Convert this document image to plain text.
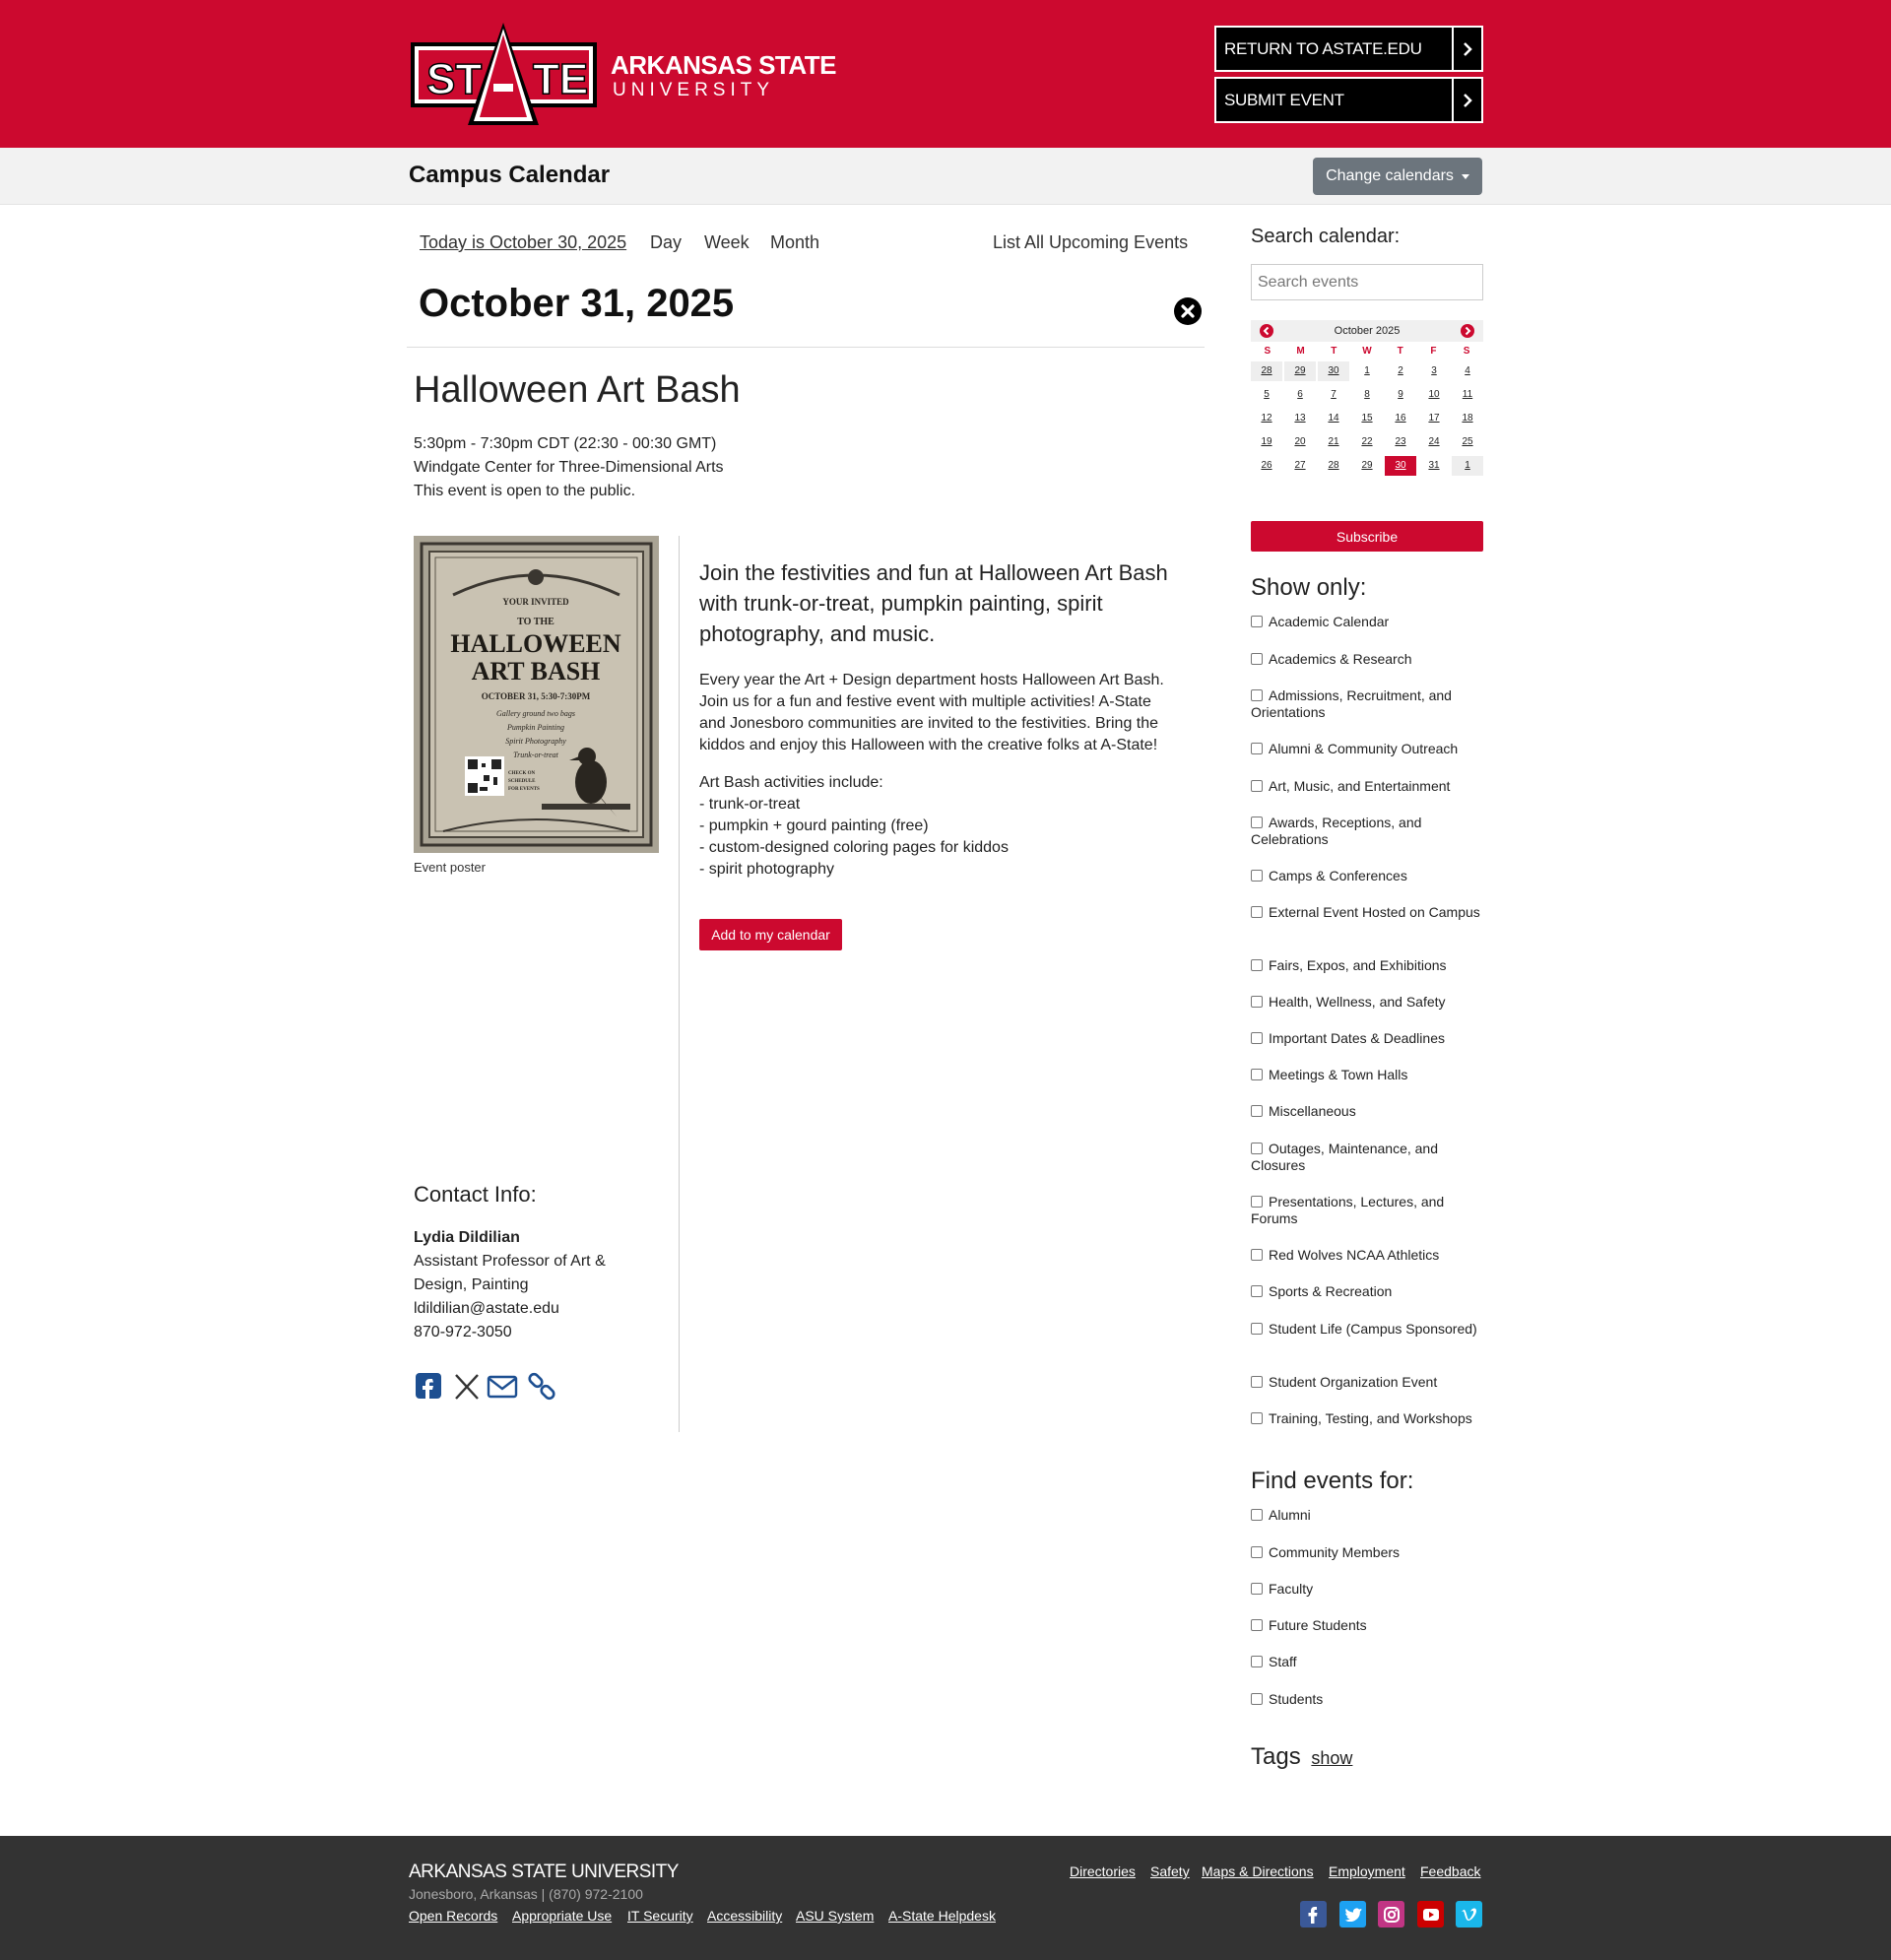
ST TE ARKANSAS STATE
UNIVERSITY
RETURN TO ASTATE.EDU
SUBMIT EVENT
Campus Calendar	Change calendars
Today is October 30, 2025 Day Week Month	List All Upcoming Events
October 31, 2025
Halloween Art Bash
5:30pm - 7:30pm CDT (22:30 - 00:30 GMT)
Windgate Center for Three-Dimensional Arts
This event is open to the public.
YOUR INVITED
TO THE
HALLOWEEN
ART BASH
OCTOBER 31, 5:30-7:30PM
Gallery ground two bags
Pumpkin Painting
Spirit Photography
Trunk-or-treat
CHECK ON
SCHEDULE
FOR EVENTS
Event poster
Join the festivities and fun at Halloween Art Bash with trunk-or-treat, pumpkin painting, spirit photography, and music.
Every year the Art + Design department hosts Halloween Art Bash. Join us for a fun and festive event with multiple activities! A-State and Jonesboro communities are invited to the festivities. Bring the kiddos and enjoy this Halloween with the creative folks at A-State!
Art Bash activities include:
- trunk-or-treat
- pumpkin + gourd painting (free)
- custom-designed coloring pages for kiddos
- spirit photography
Add to my calendar
Contact Info:
Lydia Dildilian
Assistant Professor of Art &
Design, Painting
ldildilian@astate.edu
870-972-3050
Search calendar:
Search events
October 2025
S	M	T	W	T	F	S
28	29	30	1	2	3	4
5	6	7	8	9	10	11
12	13	14	15	16	17	18
19	20	21	22	23	24	25
26	27	28	29	30	31	1
Subscribe
Show only:
Academic Calendar
Academics & Research
Admissions, Recruitment, and Orientations
Alumni & Community Outreach
Art, Music, and Entertainment
Awards, Receptions, and Celebrations
Camps & Conferences
External Event Hosted on Campus
Fairs, Expos, and Exhibitions
Health, Wellness, and Safety
Important Dates & Deadlines
Meetings & Town Halls
Miscellaneous
Outages, Maintenance, and Closures
Presentations, Lectures, and Forums
Red Wolves NCAA Athletics
Sports & Recreation
Student Life (Campus Sponsored)
Student Organization Event
Training, Testing, and Workshops
Find events for:
Alumni
Community Members
Faculty
Future Students
Staff
Students
Tags show
ARKANSAS STATE UNIVERSITY
Jonesboro, Arkansas | (870) 972-2100
Open Records Appropriate Use IT Security Accessibility ASU System A-State Helpdesk
Directories Safety Maps & Directions Employment Feedback
